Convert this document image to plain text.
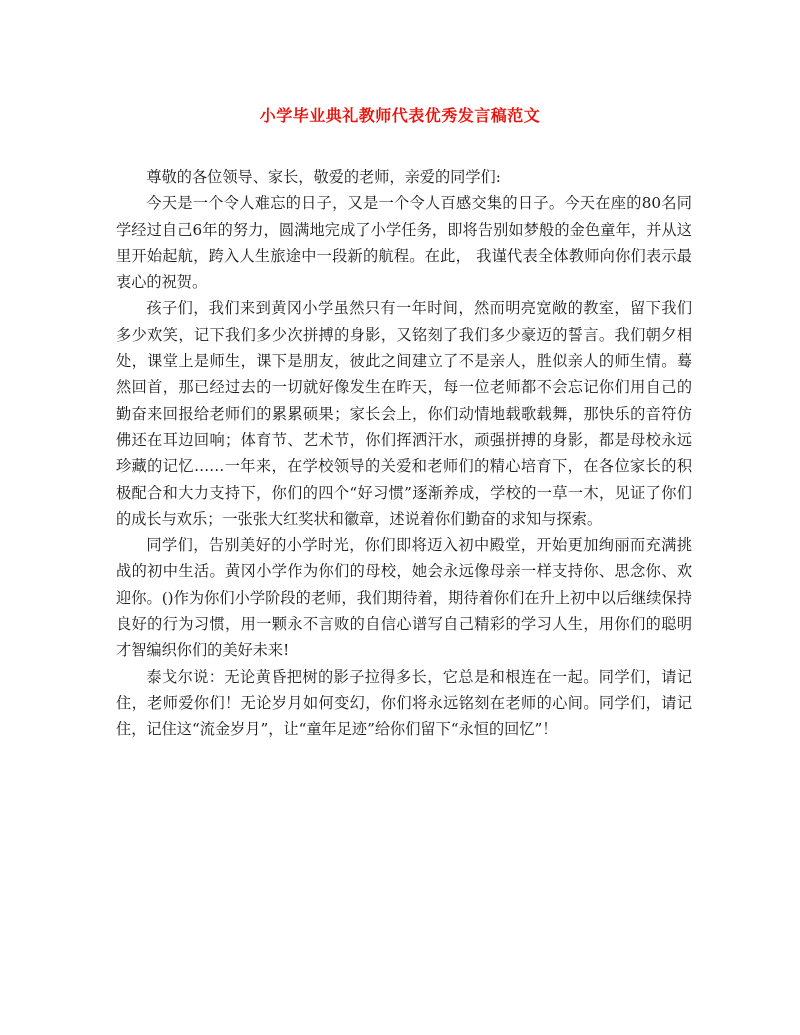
小学毕业典礼教师代表优秀发言稿范文

尊敬的各位领导、家长，敬爱的老师，亲爱的同学们:

今天是一个令人难忘的日子，又是一个令人百感交集的日子。今天在座的80名同学经过自己6年的努力，圆满地完成了小学任务，即将告别如梦般的金色童年，并从这里开始起航，跨入人生旅途中一段新的航程。在此， 我谨代表全体教师向你们表示最衷心的祝贺。

孩子们，我们来到黄冈小学虽然只有一年时间，然而明亮宽敞的教室，留下我们多少欢笑，记下我们多少次拼搏的身影，又铭刻了我们多少豪迈的誓言。我们朝夕相处，课堂上是师生，课下是朋友，彼此之间建立了不是亲人，胜似亲人的师生情。蓦然回首，那已经过去的一切就好像发生在昨天，每一位老师都不会忘记你们用自己的勤奋来回报给老师们的累累硕果；家长会上，你们动情地载歌载舞，那快乐的音符仿佛还在耳边回响；体育节、艺术节，你们挥洒汗水，顽强拼搏的身影，都是母校永远珍藏的记忆……一年来，在学校领导的关爱和老师们的精心培育下，在各位家长的积极配合和大力支持下，你们的四个“好习惯”逐渐养成，学校的一草一木，见证了你们的成长与欢乐；一张张大红奖状和徽章，述说着你们勤奋的求知与探索。

同学们，告别美好的小学时光，你们即将迈入初中殿堂，开始更加绚丽而充满挑战的初中生活。黄冈小学作为你们的母校，她会永远像母亲一样支持你、思念你、欢迎你。()作为你们小学阶段的老师，我们期待着，期待着你们在升上初中以后继续保持良好的行为习惯，用一颗永不言败的自信心谱写自己精彩的学习人生，用你们的聪明才智编织你们的美好未来!

泰戈尔说：无论黄昏把树的影子拉得多长，它总是和根连在一起。同学们，请记住，老师爱你们！无论岁月如何变幻，你们将永远铭刻在老师的心间。同学们，请记住，记住这“流金岁月”，让“童年足迹”给你们留下“永恒的回忆”！
